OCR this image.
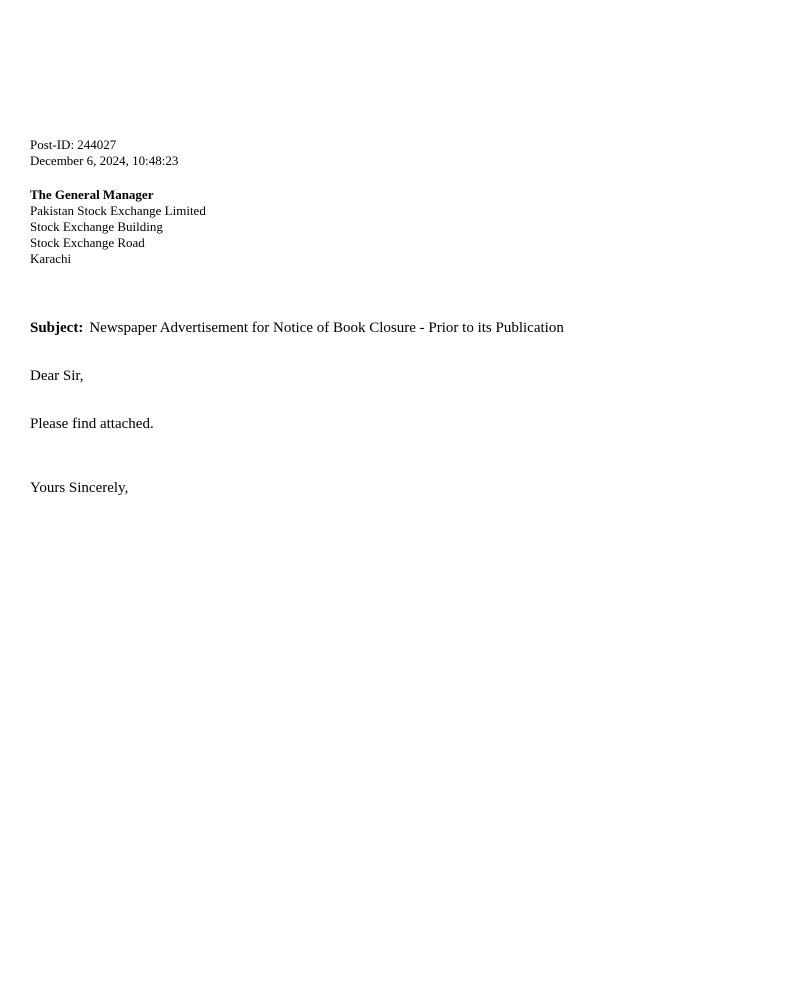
Post-ID: 244027
December 6, 2024, 10:48:23
The General Manager
Pakistan Stock Exchange Limited
Stock Exchange Building
Stock Exchange Road
Karachi
Subject: Newspaper Advertisement for Notice of Book Closure - Prior to its Publication
Dear Sir,
Please find attached.
Yours Sincerely,
